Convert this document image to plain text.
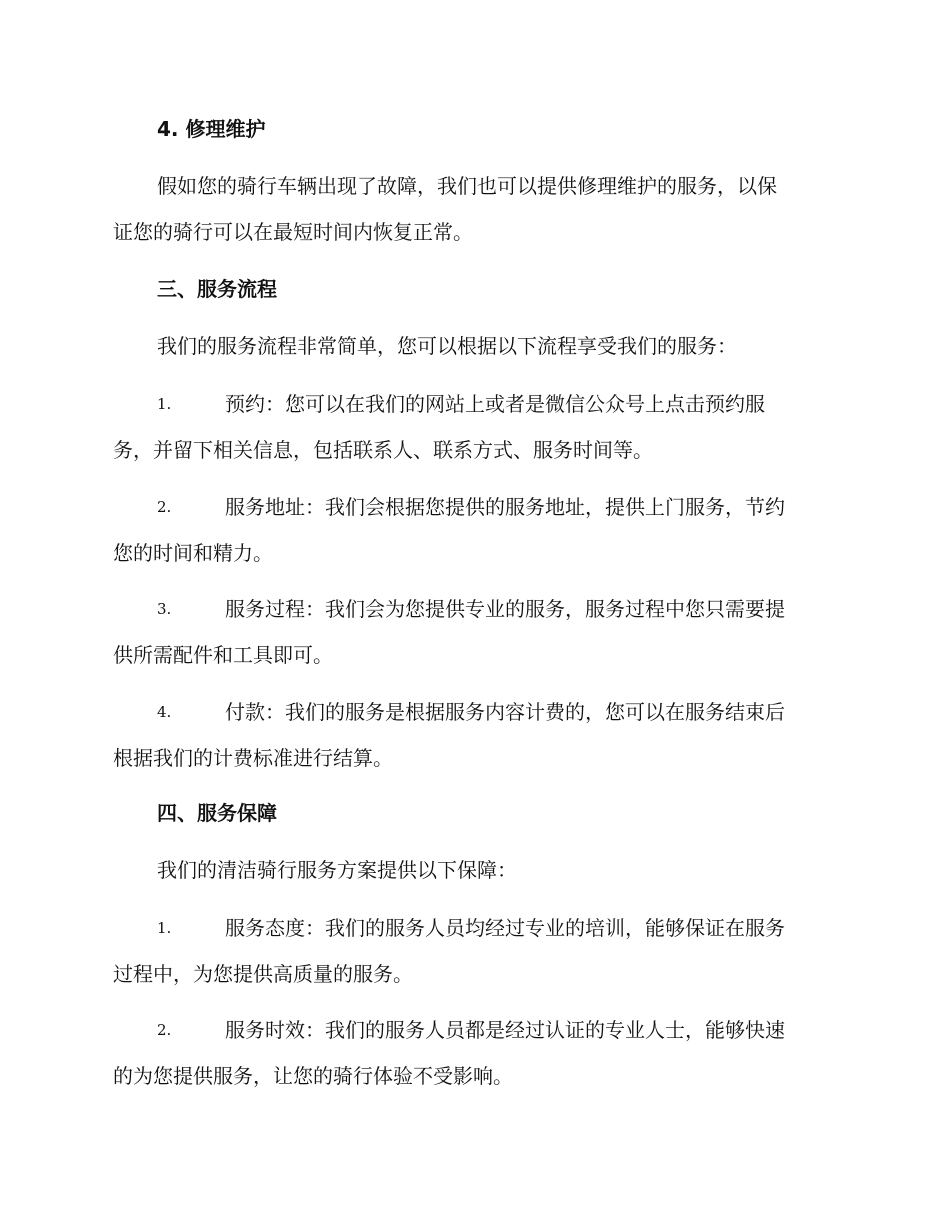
4. 修理维护
假如您的骑行车辆出现了故障，我们也可以提供修理维护的服务，以保
证您的骑行可以在最短时间内恢复正常。
三、服务流程
我们的服务流程非常简单，您可以根据以下流程享受我们的服务：
1.	预约：您可以在我们的网站上或者是微信公众号上点击预约服
务，并留下相关信息，包括联系人、联系方式、服务时间等。
2.	服务地址：我们会根据您提供的服务地址，提供上门服务，节约
您的时间和精力。
3.	服务过程：我们会为您提供专业的服务，服务过程中您只需要提
供所需配件和工具即可。
4.	付款：我们的服务是根据服务内容计费的，您可以在服务结束后
根据我们的计费标准进行结算。
四、服务保障
我们的清洁骑行服务方案提供以下保障：
1.	服务态度：我们的服务人员均经过专业的培训，能够保证在服务
过程中，为您提供高质量的服务。
2.	服务时效：我们的服务人员都是经过认证的专业人士，能够快速
的为您提供服务，让您的骑行体验不受影响。
